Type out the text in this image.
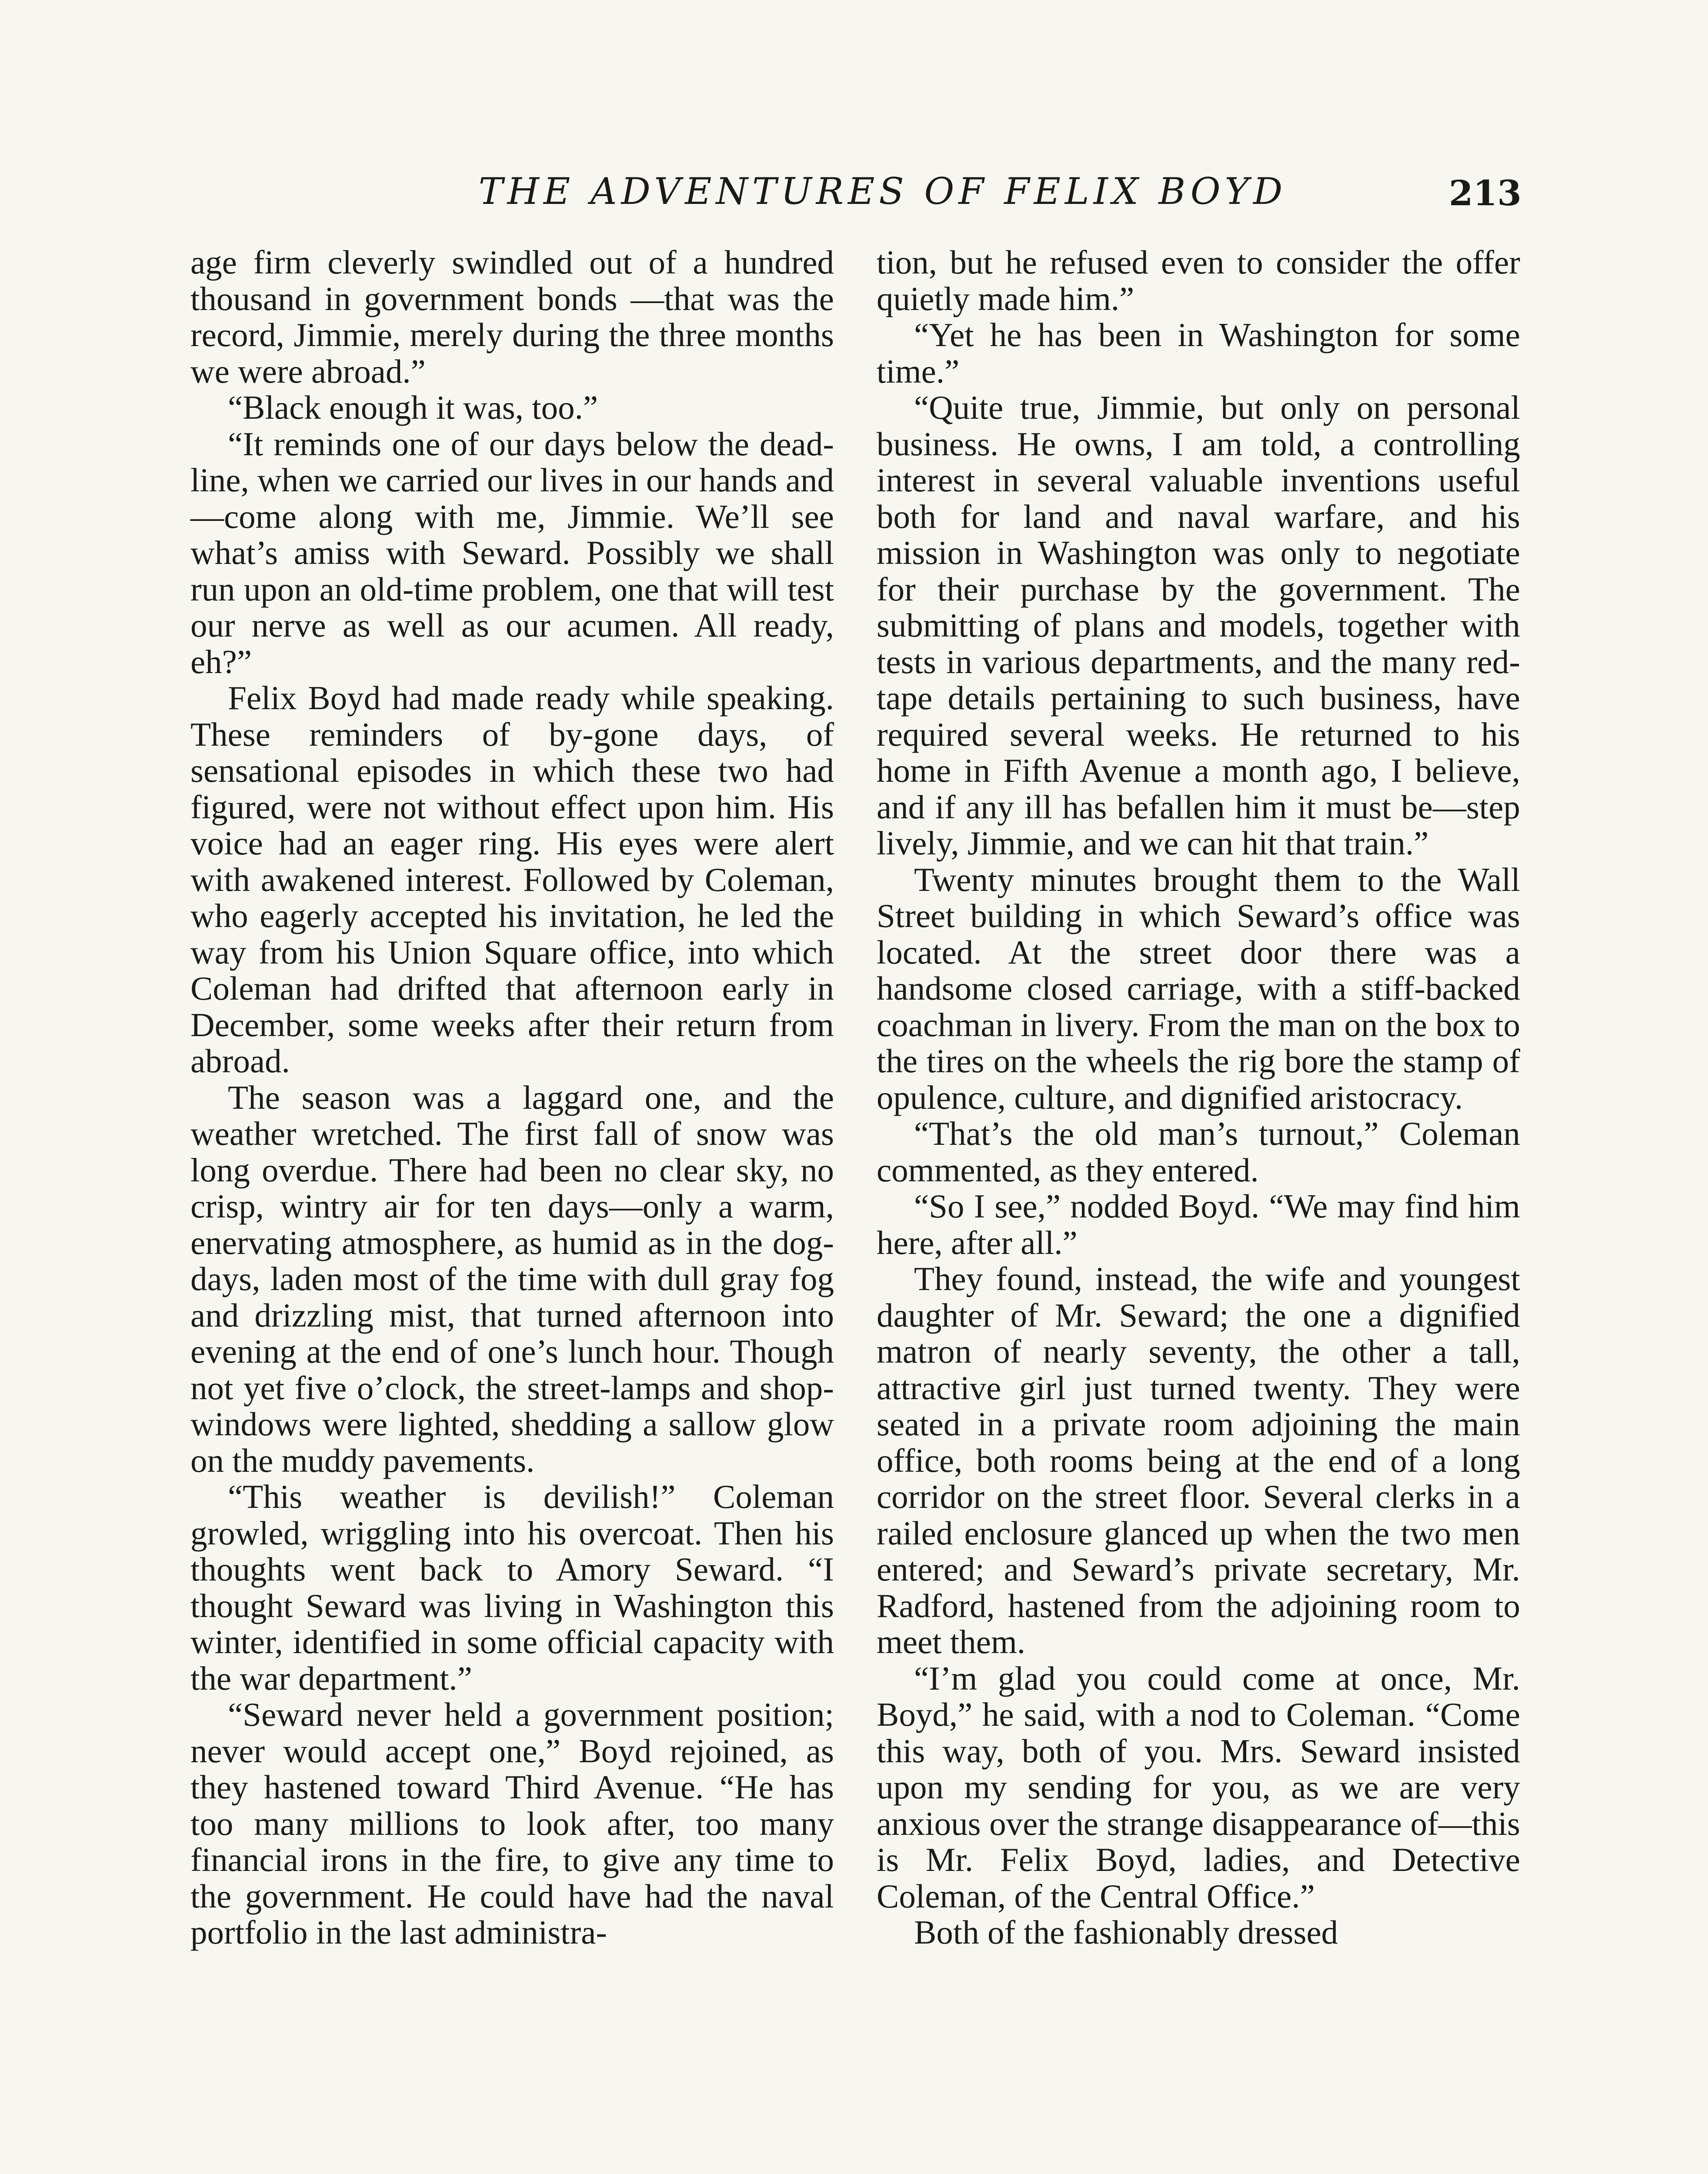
THE ADVENTURES OF FELIX BOYD	213

age firm cleverly swindled out of a hundred thousand in government bonds —that was the record, Jimmie, merely during the three months we were abroad.”

“Black enough it was, too.”

“It reminds one of our days below the dead-line, when we carried our lives in our hands and—come along with me, Jimmie. We’ll see what’s amiss with Seward. Possibly we shall run upon an old-time problem, one that will test our nerve as well as our acumen. All ready, eh?”

Felix Boyd had made ready while speaking. These reminders of by-gone days, of sensational episodes in which these two had figured, were not without effect upon him. His voice had an eager ring. His eyes were alert with awakened interest. Followed by Coleman, who eagerly accepted his invitation, he led the way from his Union Square office, into which Coleman had drifted that afternoon early in December, some weeks after their return from abroad.

The season was a laggard one, and the weather wretched. The first fall of snow was long overdue. There had been no clear sky, no crisp, wintry air for ten days—only a warm, enervating atmosphere, as humid as in the dog-days, laden most of the time with dull gray fog and drizzling mist, that turned afternoon into evening at the end of one’s lunch hour. Though not yet five o’clock, the street-lamps and shop-windows were lighted, shedding a sallow glow on the muddy pavements.

“This weather is devilish!” Coleman growled, wriggling into his overcoat. Then his thoughts went back to Amory Seward. “I thought Seward was living in Washington this winter, identified in some official capacity with the war department.”

“Seward never held a government position; never would accept one,” Boyd rejoined, as they hastened toward Third Avenue. “He has too many millions to look after, too many financial irons in the fire, to give any time to the government. He could have had the naval portfolio in the last administra-

tion, but he refused even to consider the offer quietly made him.”

“Yet he has been in Washington for some time.”

“Quite true, Jimmie, but only on personal business. He owns, I am told, a controlling interest in several valuable inventions useful both for land and naval warfare, and his mission in Washington was only to negotiate for their purchase by the government. The submitting of plans and models, together with tests in various departments, and the many red-tape details pertaining to such business, have required several weeks. He returned to his home in Fifth Avenue a month ago, I believe, and if any ill has befallen him it must be—step lively, Jimmie, and we can hit that train.”

Twenty minutes brought them to the Wall Street building in which Seward’s office was located. At the street door there was a handsome closed carriage, with a stiff-backed coachman in livery. From the man on the box to the tires on the wheels the rig bore the stamp of opulence, culture, and dignified aristocracy.

“That’s the old man’s turnout,” Coleman commented, as they entered.

“So I see,” nodded Boyd. “We may find him here, after all.”

They found, instead, the wife and youngest daughter of Mr. Seward; the one a dignified matron of nearly seventy, the other a tall, attractive girl just turned twenty. They were seated in a private room adjoining the main office, both rooms being at the end of a long corridor on the street floor. Several clerks in a railed enclosure glanced up when the two men entered; and Seward’s private secretary, Mr. Radford, hastened from the adjoining room to meet them.

“I’m glad you could come at once, Mr. Boyd,” he said, with a nod to Coleman. “Come this way, both of you. Mrs. Seward insisted upon my sending for you, as we are very anxious over the strange disappearance of—this is Mr. Felix Boyd, ladies, and Detective Coleman, of the Central Office.”

Both of the fashionably dressed
